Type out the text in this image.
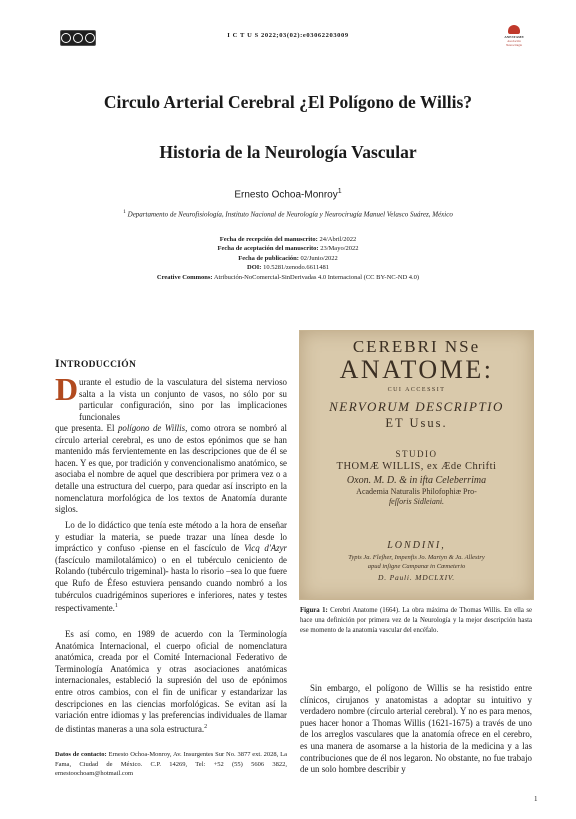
I C T U S 2022;03(02):e03062203009	ANESTAME
Asociación Neurocirugía
Circulo Arterial Cerebral ¿El Polígono de Willis?
Historia de la Neurología Vascular
Ernesto Ochoa-Monroy$^1$
$^1$ Departamento de Neurofisiología, Instituto Nacional de Neurología y Neurocirugía Manuel Velasco Suárez, México
Fecha de recepción del manuscrito: 24/Abril/2022
Fecha de aceptación del manuscrito: 23/Mayo/2022
Fecha de publicación: 02/Junio/2022
DOI: 10.5281/zenodo.6611481
Creative Commons: Atribución-NoComercial-SinDerivadas 4.0 Internacional (CC BY-NC-ND 4.0)
INTRODUCCIÓN
D urante el estudio de la vasculatura del sistema nervioso salta a la vista un conjunto de vasos, no sólo por su particular configuración, sino por las implicaciones funcionales
que presenta. El polígono de Willis, como otrora se nombró al círculo arterial cerebral, es uno de estos epónimos que se han mantenido más fervientemente en las descripciones que de él se hacen. Y es que, por tradición y convencionalismo anatómico, se asociaba el nombre de aquel que describiera por primera vez o a detalle una estructura del cuerpo, para quedar así inscripto en la nomenclatura morfológica de los textos de Anatomía durante siglos.
Lo de lo didáctico que tenía este método a la hora de enseñar y estudiar la materia, se puede trazar una línea desde lo impráctico y confuso -piense en el fascículo de Vicq d'Azyr (fascículo mamilotalámico) o en el tubérculo ceniciento de Rolando (tubérculo trigeminal)- hasta lo risorio –sea lo que fuere que Rufo de Éfeso estuviera pensando cuando nombró a los tubérculos cuadrigéminos superiores e inferiores, nates y testes respectivamente.$^1$
Es así como, en 1989 de acuerdo con la Terminología Anatómica Internacional, el cuerpo oficial de nomenclatura anatómica, creada por el Comité Internacional Federativo de Terminología Anatómica y otras asociaciones anatómicas internacionales, estableció la supresión del uso de epónimos entre otros cambios, con el fin de unificar y estandarizar las descripciones en las ciencias morfológicas. Se evitan así la variación entre idiomas y las preferencias individuales de llamar de distintas maneras a una sola estructura.$^2$
Datos de contacto: Ernesto Ochoa-Monroy, Av. Insurgentes Sur No. 3877 ext. 2028, La Fama, Ciudad de México. C.P. 14269, Tel: +52 (55) 5606 3822, ernestoochoam@hotmail.com
CEREBRI NSe
ANATOME:
CUI ACCESSIT
NERVORUM DESCRIPTIO
ET Usus.
STUDIO
THOMÆ WILLIS, ex Æde Chrifti
Oxon. M. D. & in ifta Celeberrima
Academia Naturalis Philofophiæ Pro-
feſſoris Sidleiani.
LONDINI,
Typis Ja. Fleſher, Impenfis Jo. Martyn & Ja. Allestry
apud inſigne Campanæ in Cœmeterio
D. Pauli. MDCLXIV.
Figura 1: Cerebri Anatome (1664). La obra máxima de Thomas Willis. En ella se hace una definición por primera vez de la Neurología y la mejor descripción hasta ese momento de la anatomía vascular del encéfalo.
Sin embargo, el polígono de Willis se ha resistido entre clínicos, cirujanos y anatomistas a adoptar su intuitivo y verdadero nombre (círculo arterial cerebral). Y no es para menos, pues hacer honor a Thomas Willis (1621-1675) a través de uno de los arreglos vasculares que la anatomía ofrece en el cerebro, es una manera de asomarse a la historia de la medicina y a las contribuciones que de él nos legaron. No obstante, no fue trabajo de un solo hombre describir y
1
